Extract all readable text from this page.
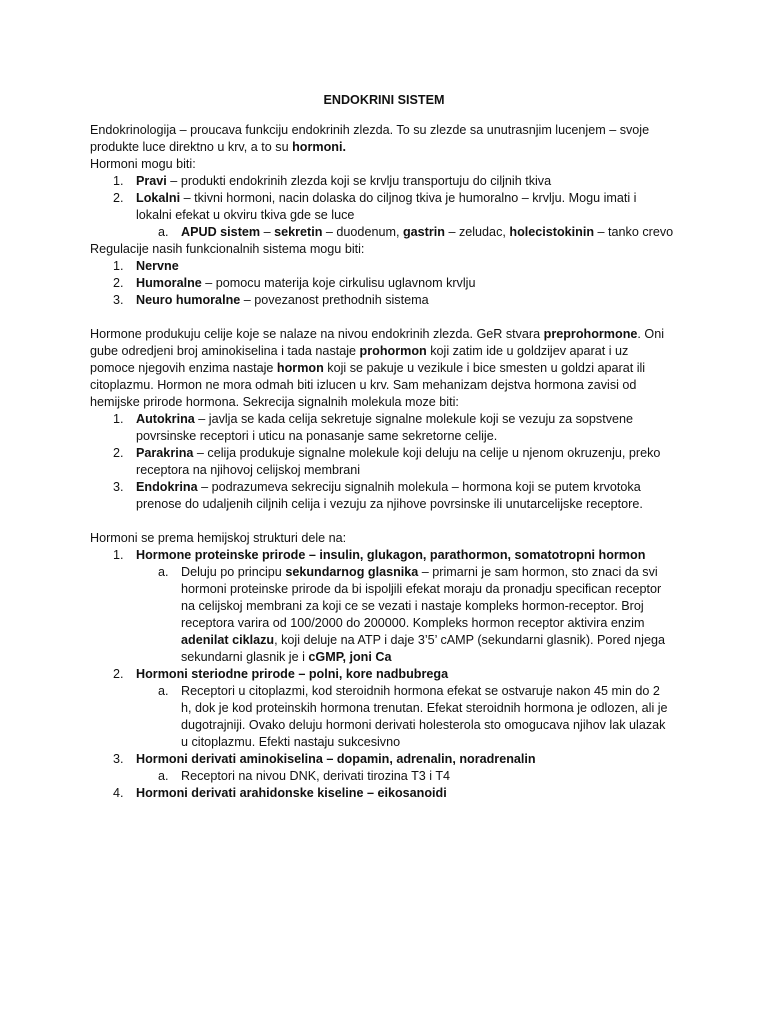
ENDOKRINI SISTEM
Endokrinologija – proucava funkciju endokrinih zlezda. To su zlezde sa unutrasnjim lucenjem – svoje
produkte luce direktno u krv, a to su hormoni.
Hormoni mogu biti:
1. Pravi – produkti endokrinih zlezda koji se krvlju transportuju do ciljnih tkiva
2. Lokalni – tkivni hormoni, nacin dolaska do ciljnog tkiva je humoralno – krvlju. Mogu imati i
lokalni efekat u okviru tkiva gde se luce
a. APUD sistem – sekretin – duodenum, gastrin – zeludac, holecistokinin – tanko crevo
Regulacije nasih funkcionalnih sistema mogu biti:
1. Nervne
2. Humoralne – pomocu materija koje cirkulisu uglavnom krvlju
3. Neuro humoralne – povezanost prethodnih sistema
Hormone produkuju celije koje se nalaze na nivou endokrinih zlezda. GeR stvara preprohormone. Oni
gube odredjeni broj aminokiselina i tada nastaje prohormon koji zatim ide u goldzijev aparat i uz
pomoce njegovih enzima nastaje hormon koji se pakuje u vezikule i bice smesten u goldzi aparat ili
citoplazmu. Hormon ne mora odmah biti izlucen u krv. Sam mehanizam dejstva hormona zavisi od
hemijske prirode hormona. Sekrecija signalnih molekula moze biti:
1. Autokrina – javlja se kada celija sekretuje signalne molekule koji se vezuju za sopstvene
povrsinske receptori i uticu na ponasanje same sekretorne celije.
2. Parakrina – celija produkuje signalne molekule koji deluju na celije u njenom okruzenju, preko
receptora na njihovoj celijskoj membrani
3. Endokrina – podrazumeva sekreciju signalnih molekula – hormona koji se putem krvotoka
prenose do udaljenih ciljnih celija i vezuju za njihove povrsinske ili unutarcelijske receptore.
Hormoni se prema hemijskoj strukturi dele na:
1. Hormone proteinske prirode – insulin, glukagon, parathormon, somatotropni hormon
a. Deluju po principu sekundarnog glasnika – primarni je sam hormon, sto znaci da svi
hormoni proteinske prirode da bi ispoljili efekat moraju da pronadju specifican receptor
na celijskoj membrani za koji ce se vezati i nastaje kompleks hormon-receptor. Broj
receptora varira od 100/2000 do 200000. Kompleks hormon receptor aktivira enzim
adenilat ciklazu, koji deluje na ATP i daje 3’5’ cAMP (sekundarni glasnik). Pored njega
sekundarni glasnik je i cGMP, joni Ca
2. Hormoni steriodne prirode – polni, kore nadbubrega
a. Receptori u citoplazmi, kod steroidnih hormona efekat se ostvaruje nakon 45 min do 2
h, dok je kod proteinskih hormona trenutan. Efekat steroidnih hormona je odlozen, ali je
dugotrajniji. Ovako deluju hormoni derivati holesterola sto omogucava njihov lak ulazak
u citoplazmu. Efekti nastaju sukcesivno
3. Hormoni derivati aminokiselina – dopamin, adrenalin, noradrenalin
a. Receptori na nivou DNK, derivati tirozina T3 i T4
4. Hormoni derivati arahidonske kiseline – eikosanoidi
